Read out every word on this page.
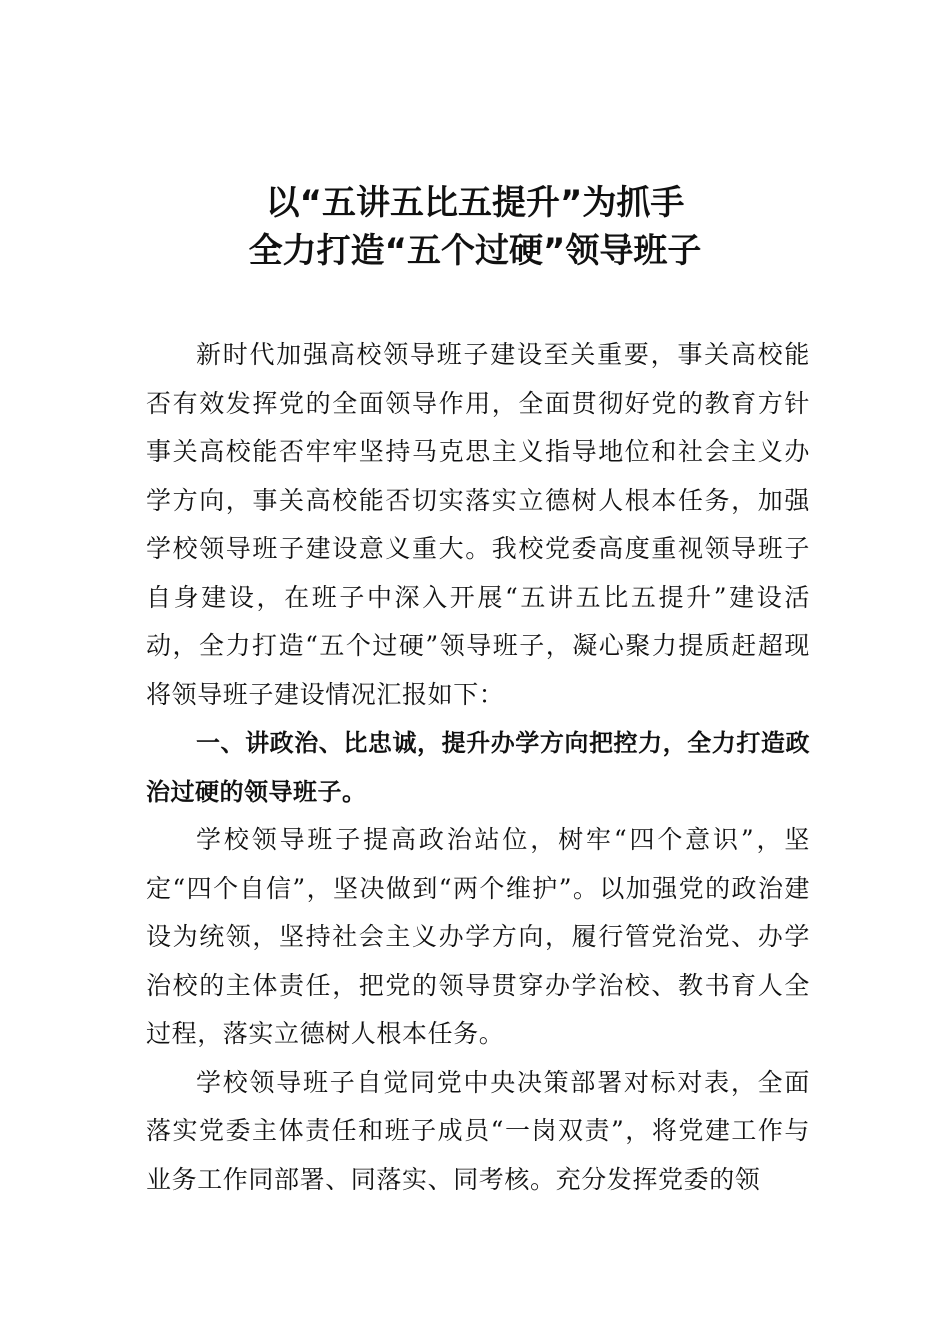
以“五讲五比五提升”为抓手
全力打造“五个过硬”领导班子

新时代加强高校领导班子建设至关重要，事关高校能否有效发挥党的全面领导作用，全面贯彻好党的教育方针事关高校能否牢牢坚持马克思主义指导地位和社会主义办学方向，事关高校能否切实落实立德树人根本任务，加强学校领导班子建设意义重大。我校党委高度重视领导班子自身建设，在班子中深入开展“五讲五比五提升”建设活动，全力打造“五个过硬”领导班子，凝心聚力提质赶超现将领导班子建设情况汇报如下：

一、讲政治、比忠诚，提升办学方向把控力，全力打造政治过硬的领导班子。

学校领导班子提高政治站位，树牢“四个意识”，坚定“四个自信”，坚决做到“两个维护”。以加强党的政治建设为统领，坚持社会主义办学方向，履行管党治党、办学治校的主体责任，把党的领导贯穿办学治校、教书育人全过程，落实立德树人根本任务。

学校领导班子自觉同党中央决策部署对标对表，全面落实党委主体责任和班子成员“一岗双责”，将党建工作与业务工作同部署、同落实、同考核。充分发挥党委的领
